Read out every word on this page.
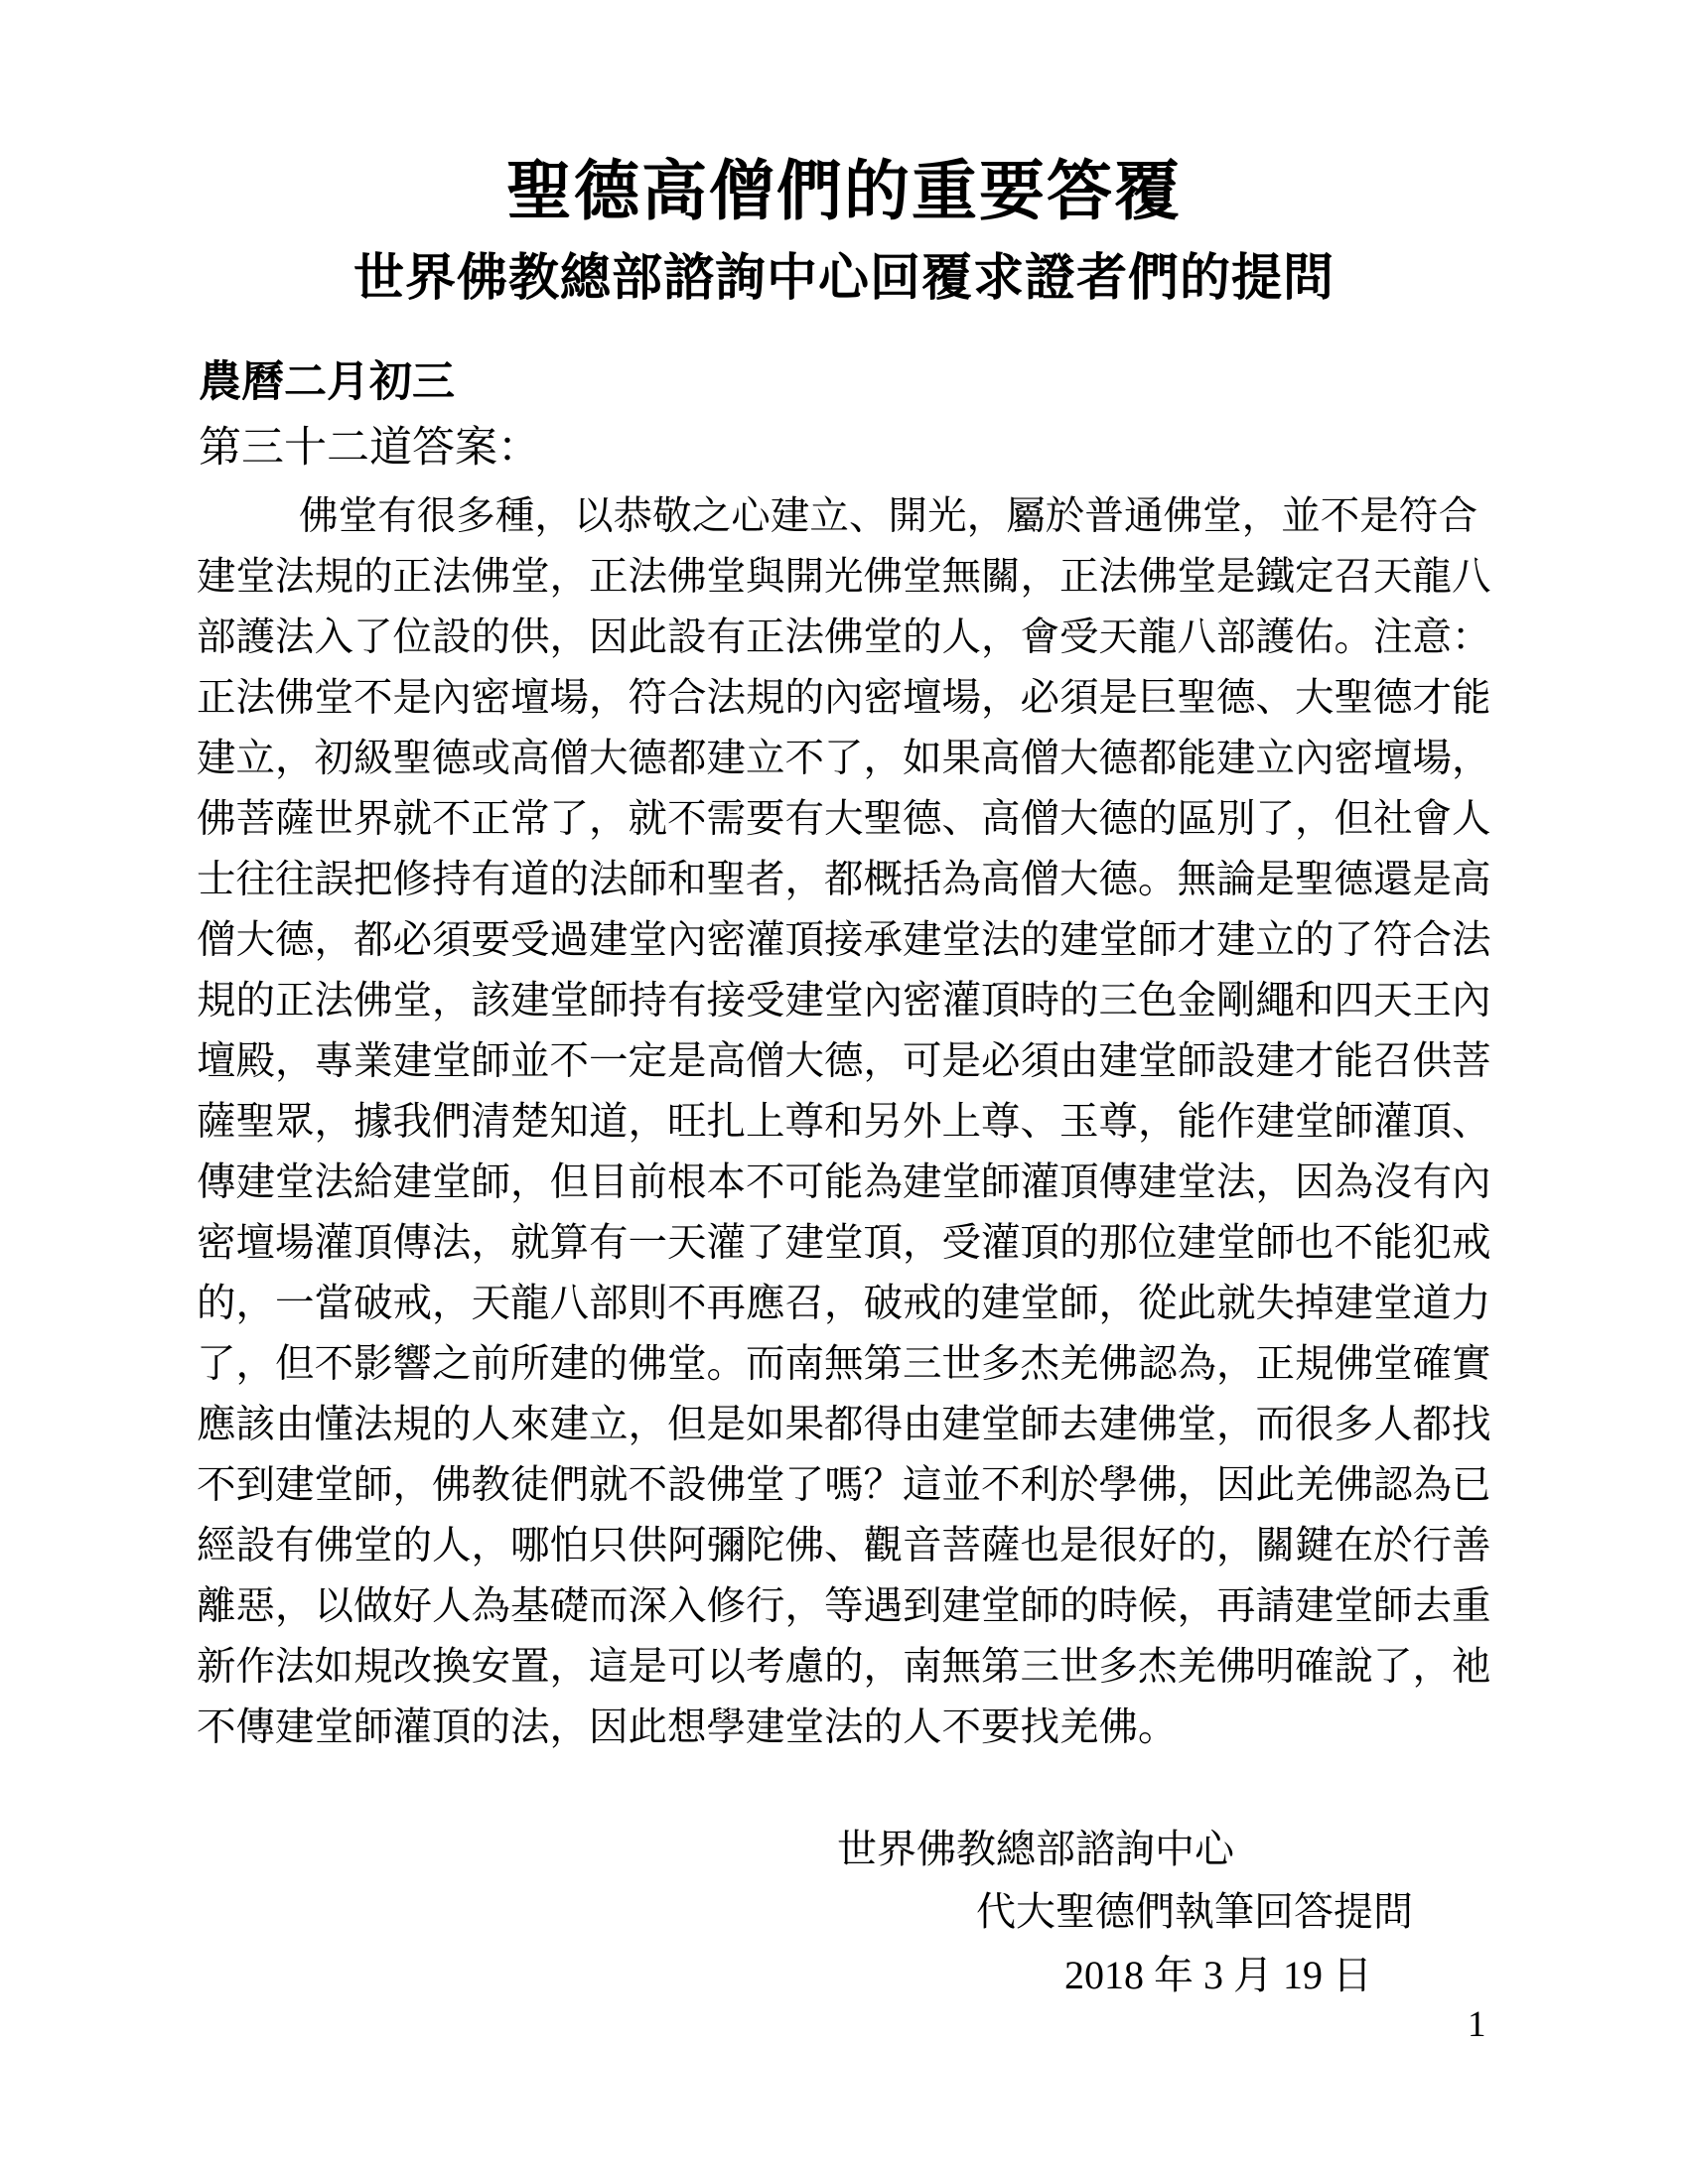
聖德高僧們的重要答覆
世界佛教總部諮詢中心回覆求證者們的提問
農曆二月初三
第三十二道答案：
佛堂有很多種，以恭敬之心建立、開光，屬於普通佛堂，並不是符合
建堂法規的正法佛堂，正法佛堂與開光佛堂無關，正法佛堂是鐵定召天龍八
部護法入了位設的供，因此設有正法佛堂的人，會受天龍八部護佑。注意：
正法佛堂不是內密壇場，符合法規的內密壇場，必須是巨聖德、大聖德才能
建立，初級聖德或高僧大德都建立不了，如果高僧大德都能建立內密壇場，
佛菩薩世界就不正常了，就不需要有大聖德、高僧大德的區別了，但社會人
士往往誤把修持有道的法師和聖者，都概括為高僧大德。無論是聖德還是高
僧大德，都必須要受過建堂內密灌頂接承建堂法的建堂師才建立的了符合法
規的正法佛堂，該建堂師持有接受建堂內密灌頂時的三色金剛繩和四天王內
壇殿，專業建堂師並不一定是高僧大德，可是必須由建堂師設建才能召供菩
薩聖眾，據我們清楚知道，旺扎上尊和另外上尊、玉尊，能作建堂師灌頂、
傳建堂法給建堂師，但目前根本不可能為建堂師灌頂傳建堂法，因為沒有內
密壇場灌頂傳法，就算有一天灌了建堂頂，受灌頂的那位建堂師也不能犯戒
的，一當破戒，天龍八部則不再應召，破戒的建堂師，從此就失掉建堂道力
了，但不影響之前所建的佛堂。而南無第三世多杰羌佛認為，正規佛堂確實
應該由懂法規的人來建立，但是如果都得由建堂師去建佛堂，而很多人都找
不到建堂師，佛教徒們就不設佛堂了嗎？這並不利於學佛，因此羌佛認為已
經設有佛堂的人，哪怕只供阿彌陀佛、觀音菩薩也是很好的，關鍵在於行善
離惡，以做好人為基礎而深入修行，等遇到建堂師的時候，再請建堂師去重
新作法如規改換安置，這是可以考慮的，南無第三世多杰羌佛明確說了，祂
不傳建堂師灌頂的法，因此想學建堂法的人不要找羌佛。
世界佛教總部諮詢中心
代大聖德們執筆回答提問
2018 年 3 月 19 日
1
